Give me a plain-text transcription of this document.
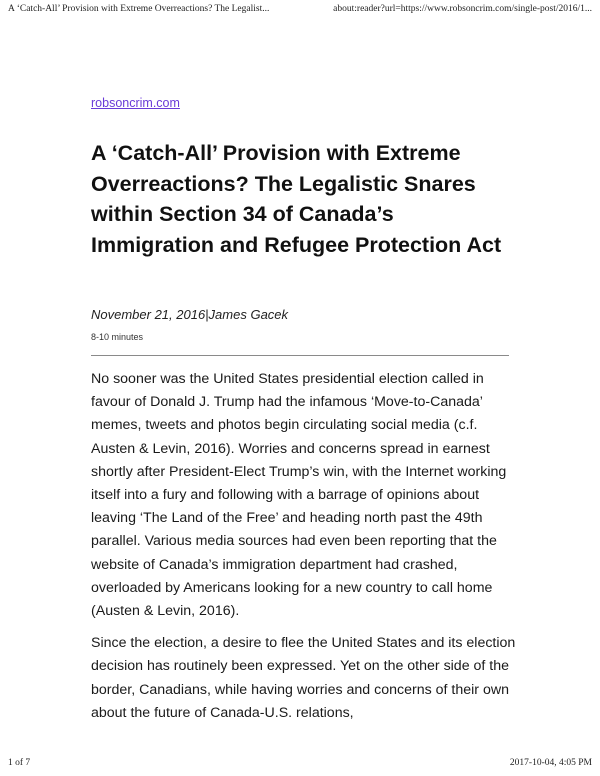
A ‘Catch-All’ Provision with Extreme Overreactions? The Legalist...	about:reader?url=https://www.robsoncrim.com/single-post/2016/1...
robsoncrim.com
A ‘Catch-All’ Provision with Extreme Overreactions? The Legalistic Snares within Section 34 of Canada’s Immigration and Refugee Protection Act
November 21, 2016|James Gacek
8-10 minutes

No sooner was the United States presidential election called in favour of Donald J. Trump had the infamous ‘Move-to-Canada’ memes, tweets and photos begin circulating social media (c.f. Austen & Levin, 2016). Worries and concerns spread in earnest shortly after President-Elect Trump’s win, with the Internet working itself into a fury and following with a barrage of opinions about leaving ‘The Land of the Free’ and heading north past the 49th parallel. Various media sources had even been reporting that the website of Canada’s immigration department had crashed, overloaded by Americans looking for a new country to call home (Austen & Levin, 2016).

Since the election, a desire to flee the United States and its election decision has routinely been expressed. Yet on the other side of the border, Canadians, while having worries and concerns of their own about the future of Canada-U.S. relations,

1 of 7	2017-10-04, 4:05 PM
